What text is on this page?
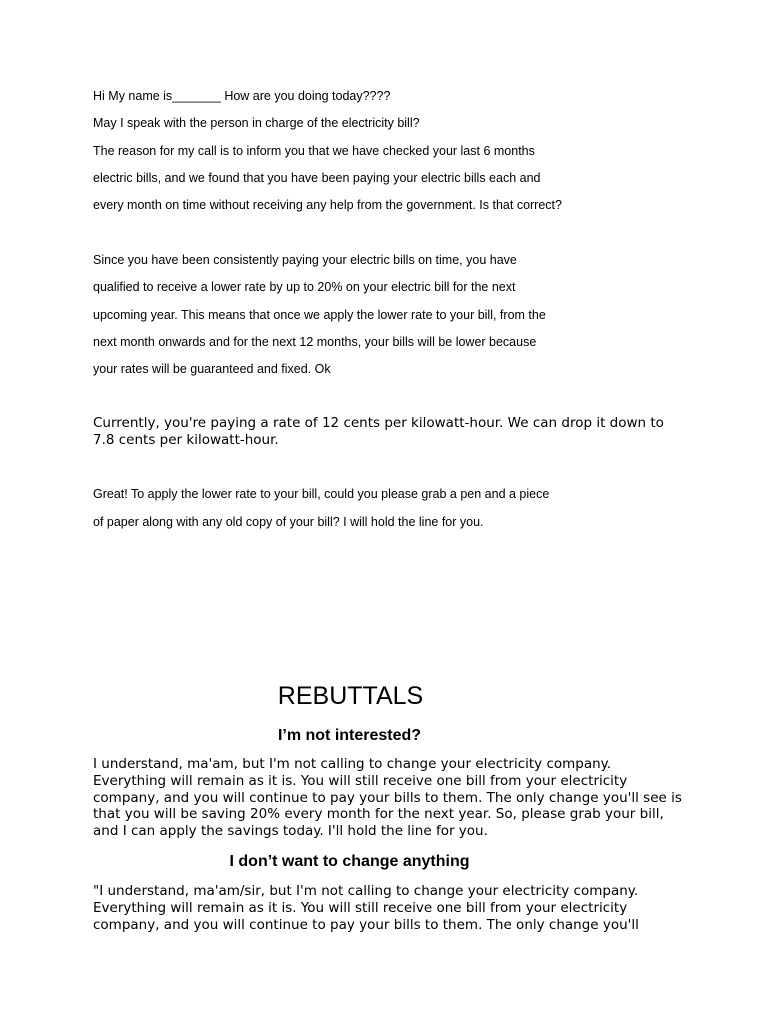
Hi My name is_______ How are you doing today????
May I speak with the person in charge of the electricity bill?
The reason for my call is to inform you that we have checked your last 6 months
electric bills, and we found that you have been paying your electric bills each and
every month on time without receiving any help from the government. Is that correct?
Since you have been consistently paying your electric bills on time, you have
qualified to receive a lower rate by up to 20% on your electric bill for the next
upcoming year. This means that once we apply the lower rate to your bill, from the
next month onwards and for the next 12 months, your bills will be lower because
your rates will be guaranteed and fixed. Ok

Currently, you're paying a rate of 12 cents per kilowatt-hour. We can drop it down to 7.8 cents per kilowatt-hour.

Great! To apply the lower rate to your bill, could you please grab a pen and a piece
of paper along with any old copy of your bill? I will hold the line for you.
REBUTTALS
I’m not interested?

I understand, ma'am, but I'm not calling to change your electricity company. Everything will remain as it is. You will still receive one bill from your electricity company, and you will continue to pay your bills to them. The only change you'll see is that you will be saving 20% every month for the next year. So, please grab your bill, and I can apply the savings today. I'll hold the line for you.

I don’t want to change anything

"I understand, ma'am/sir, but I'm not calling to change your electricity company. Everything will remain as it is. You will still receive one bill from your electricity company, and you will continue to pay your bills to them. The only change you'll
